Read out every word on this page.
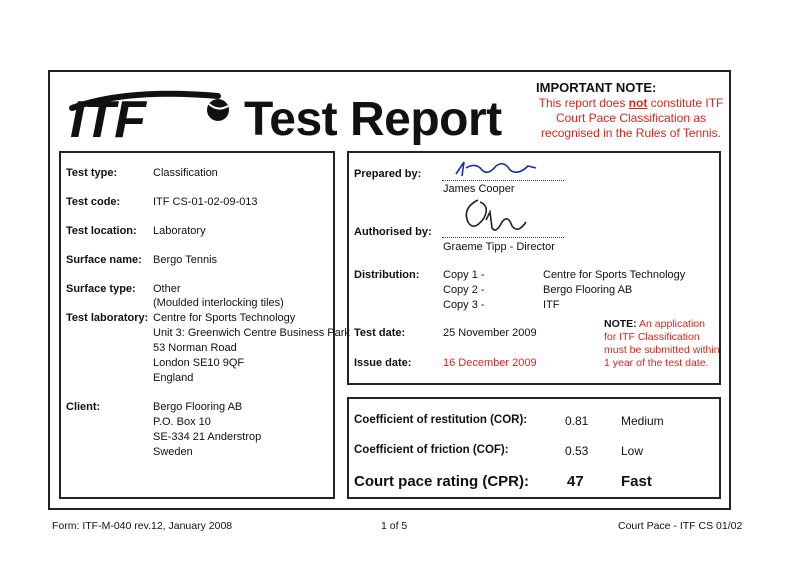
ITF Test Report
IMPORTANT NOTE:
This report does not constitute ITF Court Pace Classification as recognised in the Rules of Tennis.
Test type:	Classification
Test code:	ITF CS-01-02-09-013
Test location: Laboratory
Surface name: Bergo Tennis
Surface type: Other
(Moulded interlocking tiles)
Test laboratory: Centre for Sports Technology
Unit 3: Greenwich Centre Business Park
53 Norman Road
London SE10 9QF
England
Client:	Bergo Flooring AB
P.O. Box 10
SE-334 21 Anderstrop
Sweden
Prepared by:
James Cooper
Authorised by:
Graeme Tipp - Director
Distribution: Copy 1 -	Centre for Sports Technology
Copy 2 -	Bergo Flooring AB
Copy 3 -	ITF
Test date:	25 November 2009
Issue date:	16 December 2009
NOTE: An application for ITF Classification must be submitted within 1 year of the test date.
Coefficient of restitution (COR):	0.81	Medium
Coefficient of friction (COF):	0.53	Low
Court pace rating (CPR):	47 Fast
Form: ITF-M-040 rev.12, January 2008	1 of 5	Court Pace - ITF CS 01/02
